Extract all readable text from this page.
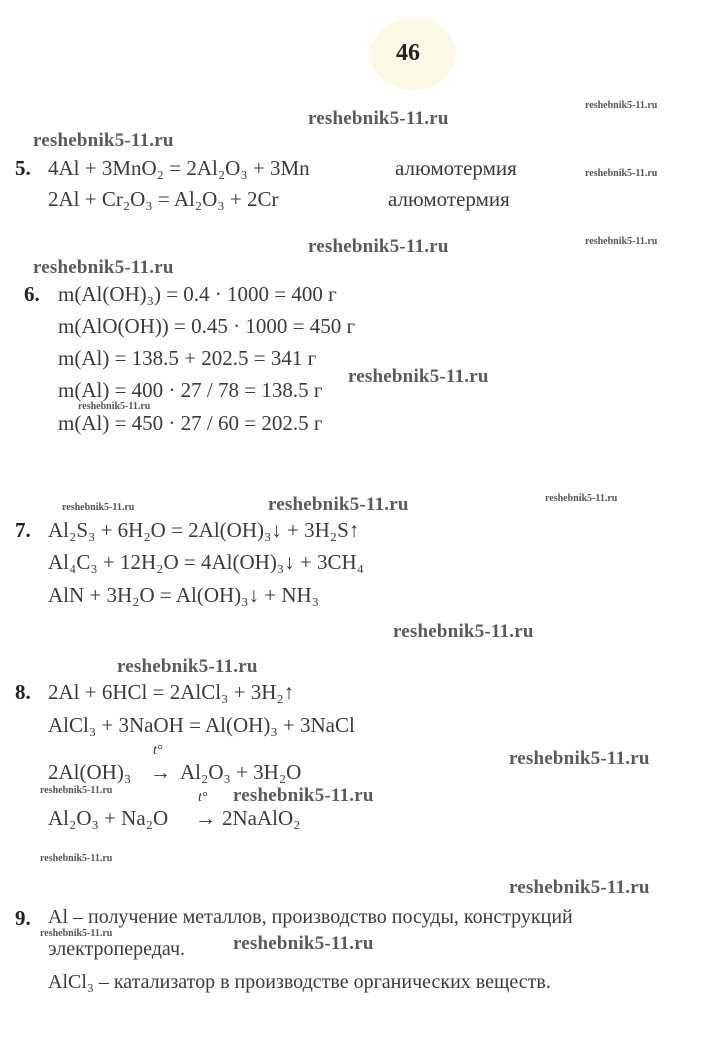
46
reshebnik5-11.ru
reshebnik5-11.ru
reshebnik5-11.ru
reshebnik5-11.ru
reshebnik5-11.ru	reshebnik5-11.ru
reshebnik5-11.ru
reshebnik5-11.ru
reshebnik5-11.ru
reshebnik5-11.ru	reshebnik5-11.ru	reshebnik5-11.ru
reshebnik5-11.ru
reshebnik5-11.ru
reshebnik5-11.ru
reshebnik5-11.ru	reshebnik5-11.ru
reshebnik5-11.ru
reshebnik5-11.ru
reshebnik5-11.ru	reshebnik5-11.ru
5. 4Al + 3MnO₂ = 2Al₂O₃ + 3Mn	алюмотермия
2Al + Cr₂O₃ = Al₂O₃ + 2Cr	алюмотермия
6. m(Al(OH)₃) = 0.4 · 1000 = 400 г
m(AlO(OH)) = 0.45 · 1000 = 450 г
m(Al) = 138.5 + 202.5 = 341 г
m(Al) = 400 · 27 / 78 = 138.5 г
m(Al) = 450 · 27 / 60 = 202.5 г
7. Al₂S₃ + 6H₂O = 2Al(OH)₃↓ + 3H₂S↑
Al₄C₃ + 12H₂O = 4Al(OH)₃↓ + 3CH₄
AlN + 3H₂O = Al(OH)₃↓ + NH₃
8. 2Al + 6HCl = 2AlCl₃ + 3H₂↑
AlCl₃ + 3NaOH = Al(OH)₃ + 3NaCl
t°
2Al(OH)₃ → Al₂O₃ + 3H₂O
t°
Al₂O₃ + Na₂O → 2NaAlO₂
9. Al – получение металлов, производство посуды, конструкций
электропередач.
AlCl₃ – катализатор в производстве органических веществ.
